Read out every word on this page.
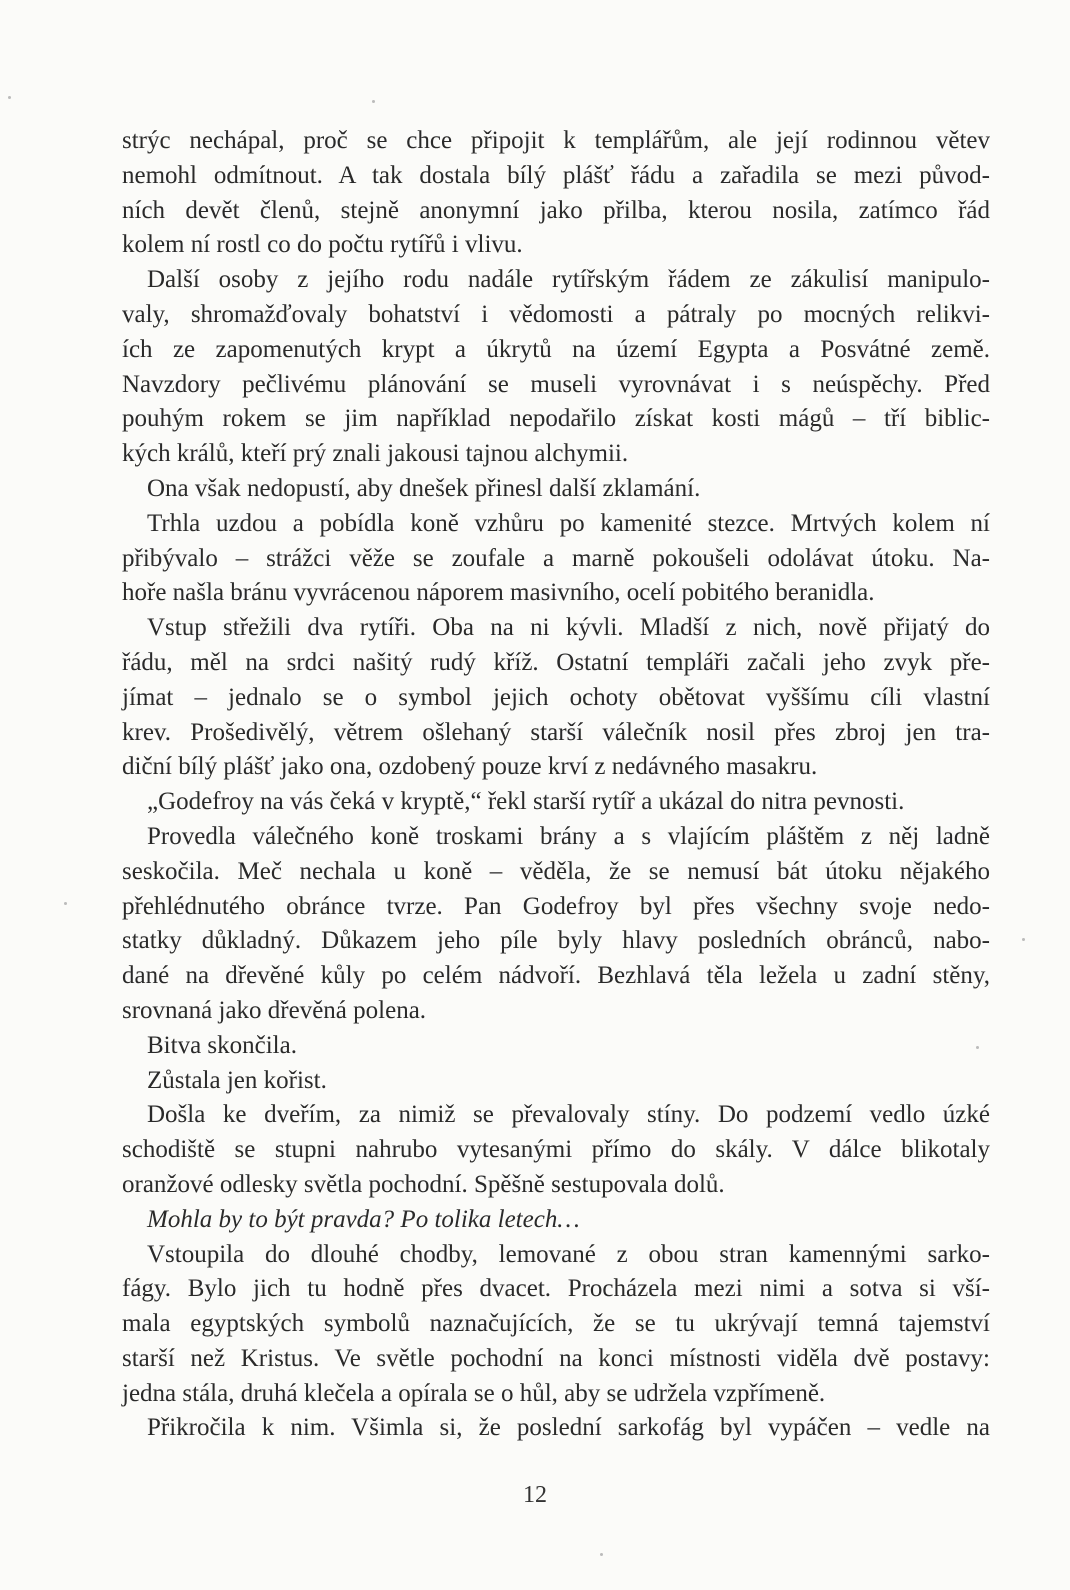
strýc nechápal, proč se chce připojit k templářům, ale její rodinnou větev
nemohl odmítnout. A tak dostala bílý plášť řádu a zařadila se mezi původ-
ních devět členů, stejně anonymní jako přilba, kterou nosila, zatímco řád
kolem ní rostl co do počtu rytířů i vlivu.
Další osoby z jejího rodu nadále rytířským řádem ze zákulisí manipulo-
valy, shromažďovaly bohatství i vědomosti a pátraly po mocných relikvi-
ích ze zapomenutých krypt a úkrytů na území Egypta a Posvátné země.
Navzdory pečlivému plánování se museli vyrovnávat i s neúspěchy. Před
pouhým rokem se jim například nepodařilo získat kosti mágů – tří biblic-
kých králů, kteří prý znali jakousi tajnou alchymii.
Ona však nedopustí, aby dnešek přinesl další zklamání.
Trhla uzdou a pobídla koně vzhůru po kamenité stezce. Mrtvých kolem ní
přibývalo – strážci věže se zoufale a marně pokoušeli odolávat útoku. Na-
hoře našla bránu vyvrácenou náporem masivního, ocelí pobitého beranidla.
Vstup střežili dva rytíři. Oba na ni kývli. Mladší z nich, nově přijatý do
řádu, měl na srdci našitý rudý kříž. Ostatní templáři začali jeho zvyk pře-
jímat – jednalo se o symbol jejich ochoty obětovat vyššímu cíli vlastní
krev. Prošedivělý, větrem ošlehaný starší válečník nosil přes zbroj jen tra-
diční bílý plášť jako ona, ozdobený pouze krví z nedávného masakru.
„Godefroy na vás čeká v kryptě,“ řekl starší rytíř a ukázal do nitra pevnosti.
Provedla válečného koně troskami brány a s vlajícím pláštěm z něj ladně
seskočila. Meč nechala u koně – věděla, že se nemusí bát útoku nějakého
přehlédnutého obránce tvrze. Pan Godefroy byl přes všechny svoje nedo-
statky důkladný. Důkazem jeho píle byly hlavy posledních obránců, nabo-
dané na dřevěné kůly po celém nádvoří. Bezhlavá těla ležela u zadní stěny,
srovnaná jako dřevěná polena.
Bitva skončila.
Zůstala jen kořist.
Došla ke dveřím, za nimiž se převalovaly stíny. Do podzemí vedlo úzké
schodiště se stupni nahrubo vytesanými přímo do skály. V dálce blikotaly
oranžové odlesky světla pochodní. Spěšně sestupovala dolů.
Mohla by to být pravda? Po tolika letech…
Vstoupila do dlouhé chodby, lemované z obou stran kamennými sarko-
fágy. Bylo jich tu hodně přes dvacet. Procházela mezi nimi a sotva si vší-
mala egyptských symbolů naznačujících, že se tu ukrývají temná tajemství
starší než Kristus. Ve světle pochodní na konci místnosti viděla dvě postavy:
jedna stála, druhá klečela a opírala se o hůl, aby se udržela vzpřímeně.
Přikročila k nim. Všimla si, že poslední sarkofág byl vypáčen – vedle na
12
